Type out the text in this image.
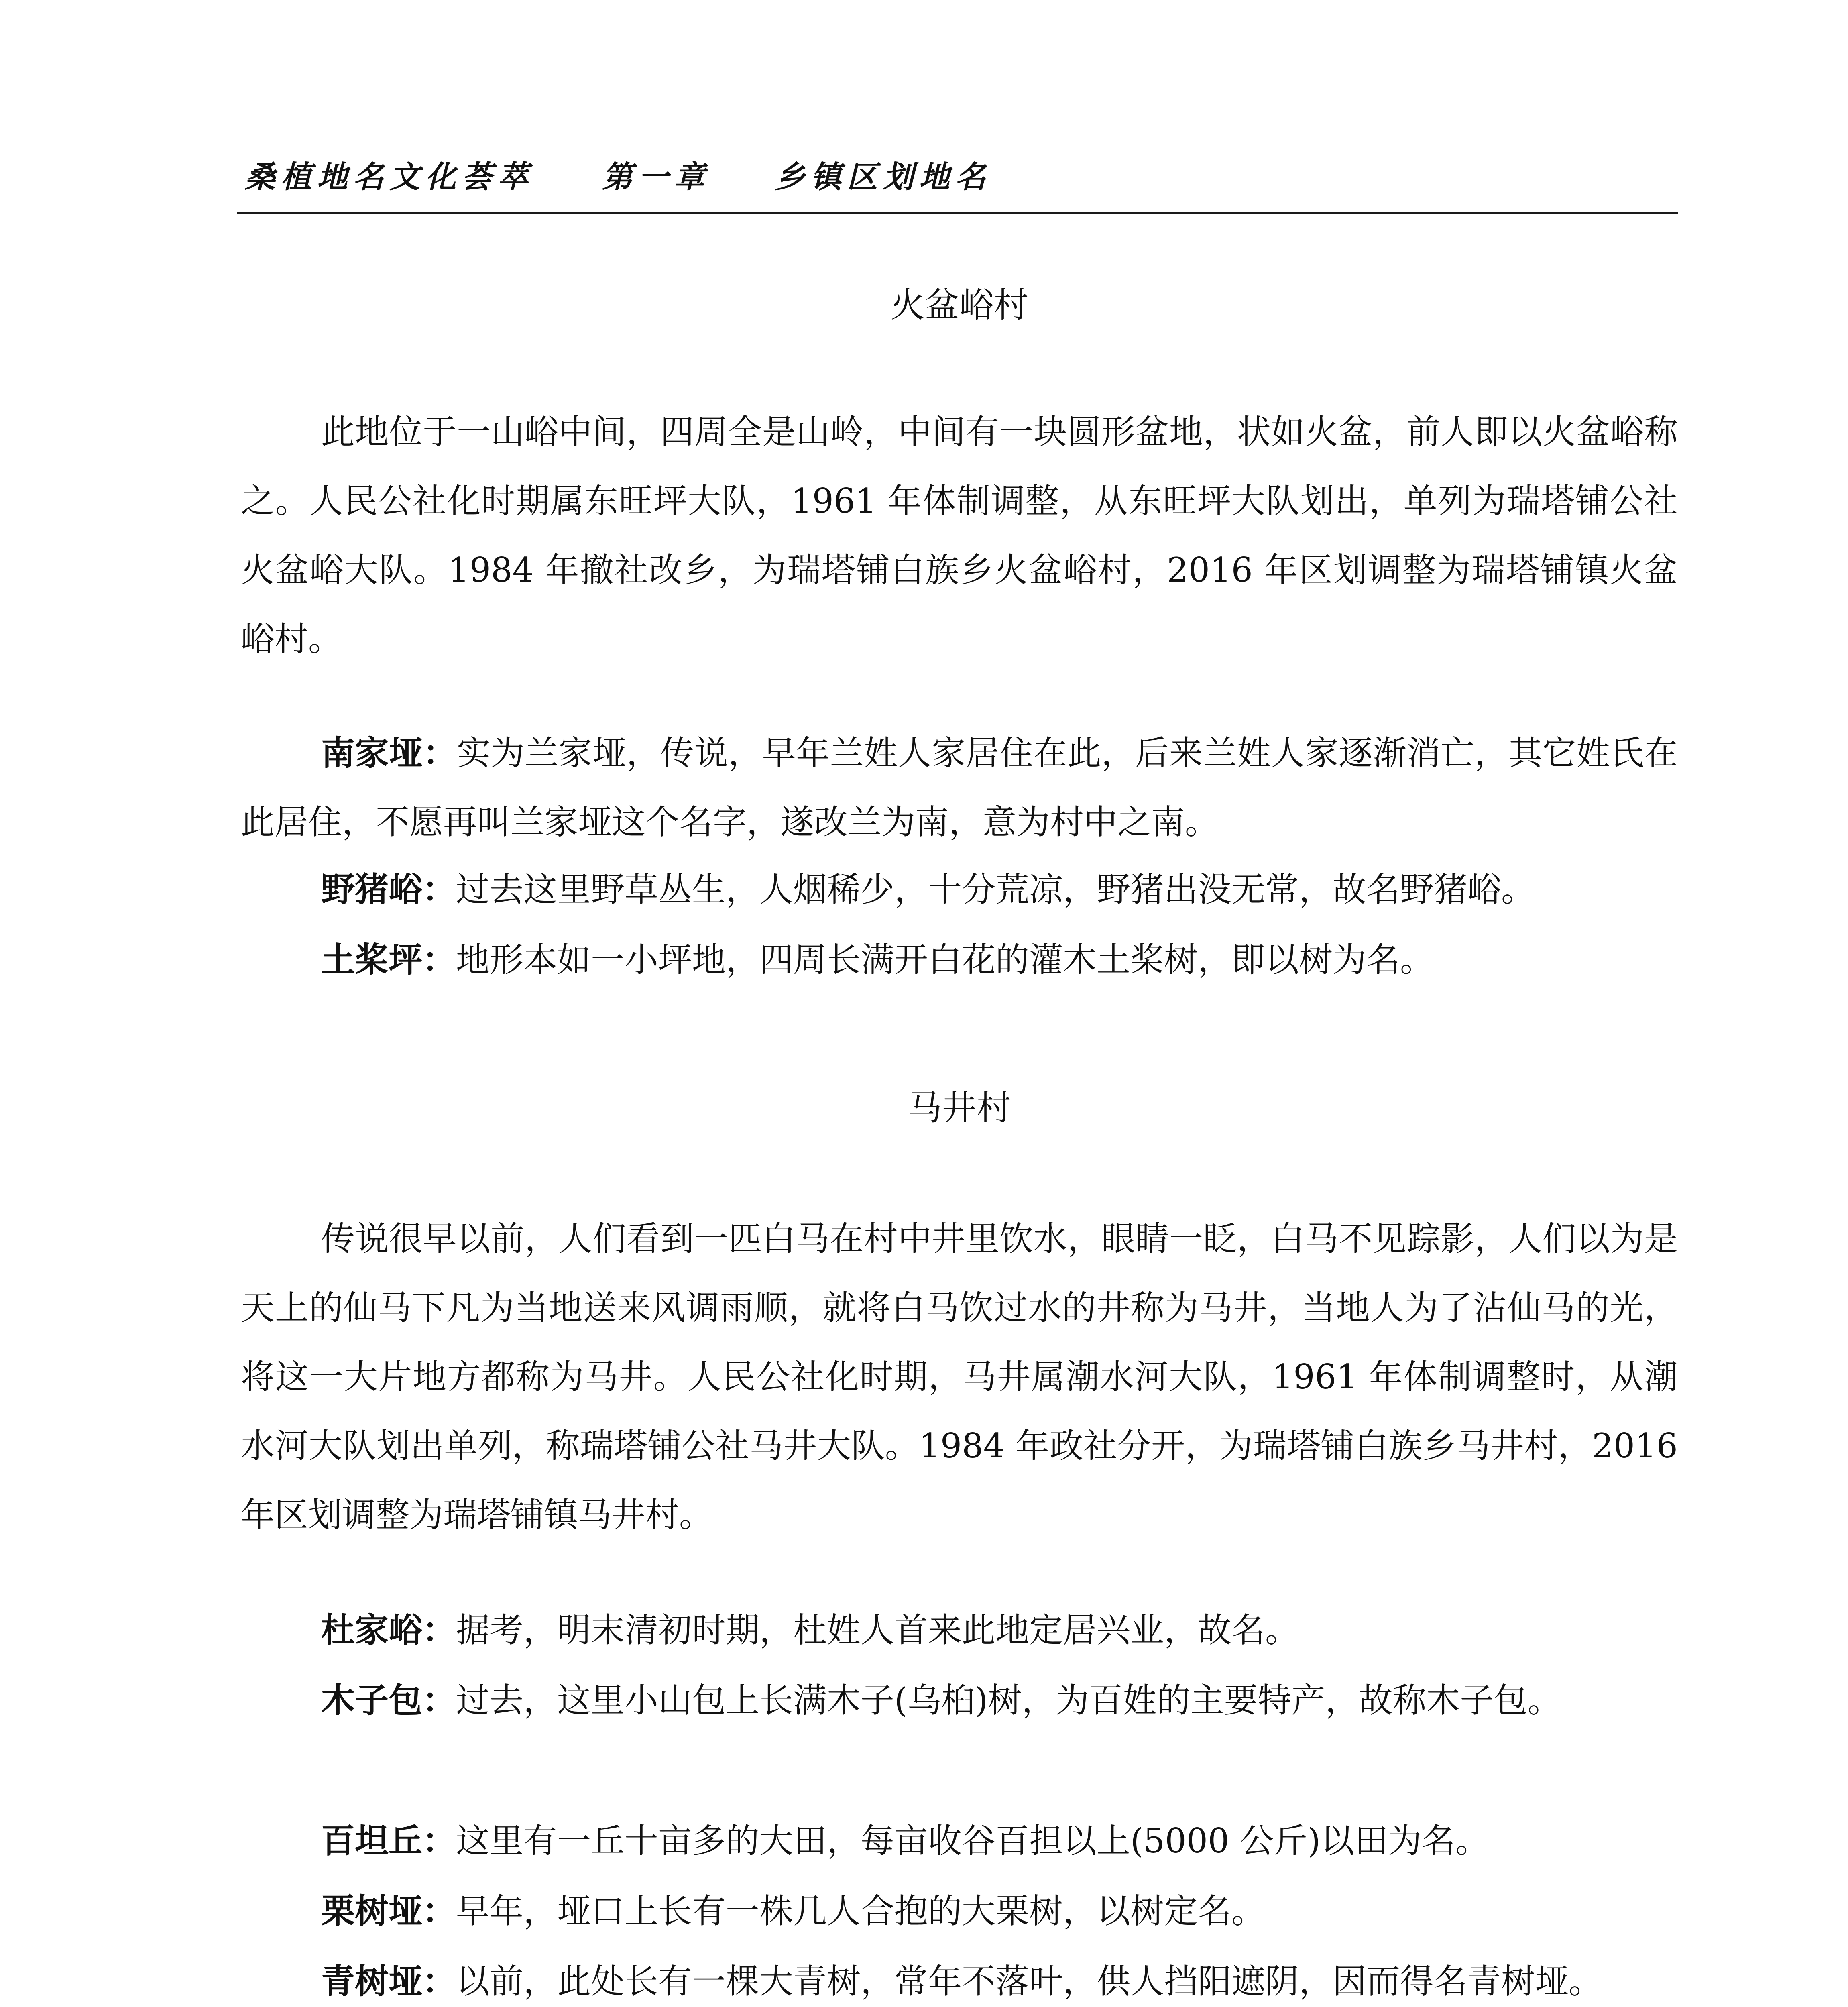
桑植地名文化荟萃 第一章 乡镇区划地名
火盆峪村

此地位于一山峪中间，四周全是山岭，中间有一块圆形盆地，状如火盆，前人即以火盆峪称之。人民公社化时期属东旺坪大队，1961 年体制调整，从东旺坪大队划出，单列为瑞塔铺公社火盆峪大队。1984 年撤社改乡，为瑞塔铺白族乡火盆峪村，2016 年区划调整为瑞塔铺镇火盆峪村。

南家垭：实为兰家垭，传说，早年兰姓人家居住在此，后来兰姓人家逐渐消亡，其它姓氏在此居住，不愿再叫兰家垭这个名字，遂改兰为南，意为村中之南。

野猪峪：过去这里野草丛生，人烟稀少，十分荒凉，野猪出没无常，故名野猪峪。

土桨坪：地形本如一小坪地，四周长满开白花的灌木土桨树，即以树为名。

马井村

传说很早以前，人们看到一匹白马在村中井里饮水，眼睛一眨，白马不见踪影，人们以为是天上的仙马下凡为当地送来风调雨顺，就将白马饮过水的井称为马井，当地人为了沾仙马的光，将这一大片地方都称为马井。人民公社化时期，马井属潮水河大队，1961 年体制调整时，从潮水河大队划出单列，称瑞塔铺公社马井大队。1984 年政社分开，为瑞塔铺白族乡马井村，2016 年区划调整为瑞塔铺镇马井村。

杜家峪：据考，明末清初时期，杜姓人首来此地定居兴业，故名。

木子包：过去，这里小山包上长满木子(乌桕)树，为百姓的主要特产，故称木子包。

百坦丘：这里有一丘十亩多的大田，每亩收谷百担以上(5000 公斤)以田为名。

栗树垭：早年，垭口上长有一株几人合抱的大栗树，以树定名。

青树垭：以前，此处长有一棵大青树，常年不落叶，供人挡阳遮阴，因而得名青树垭。
